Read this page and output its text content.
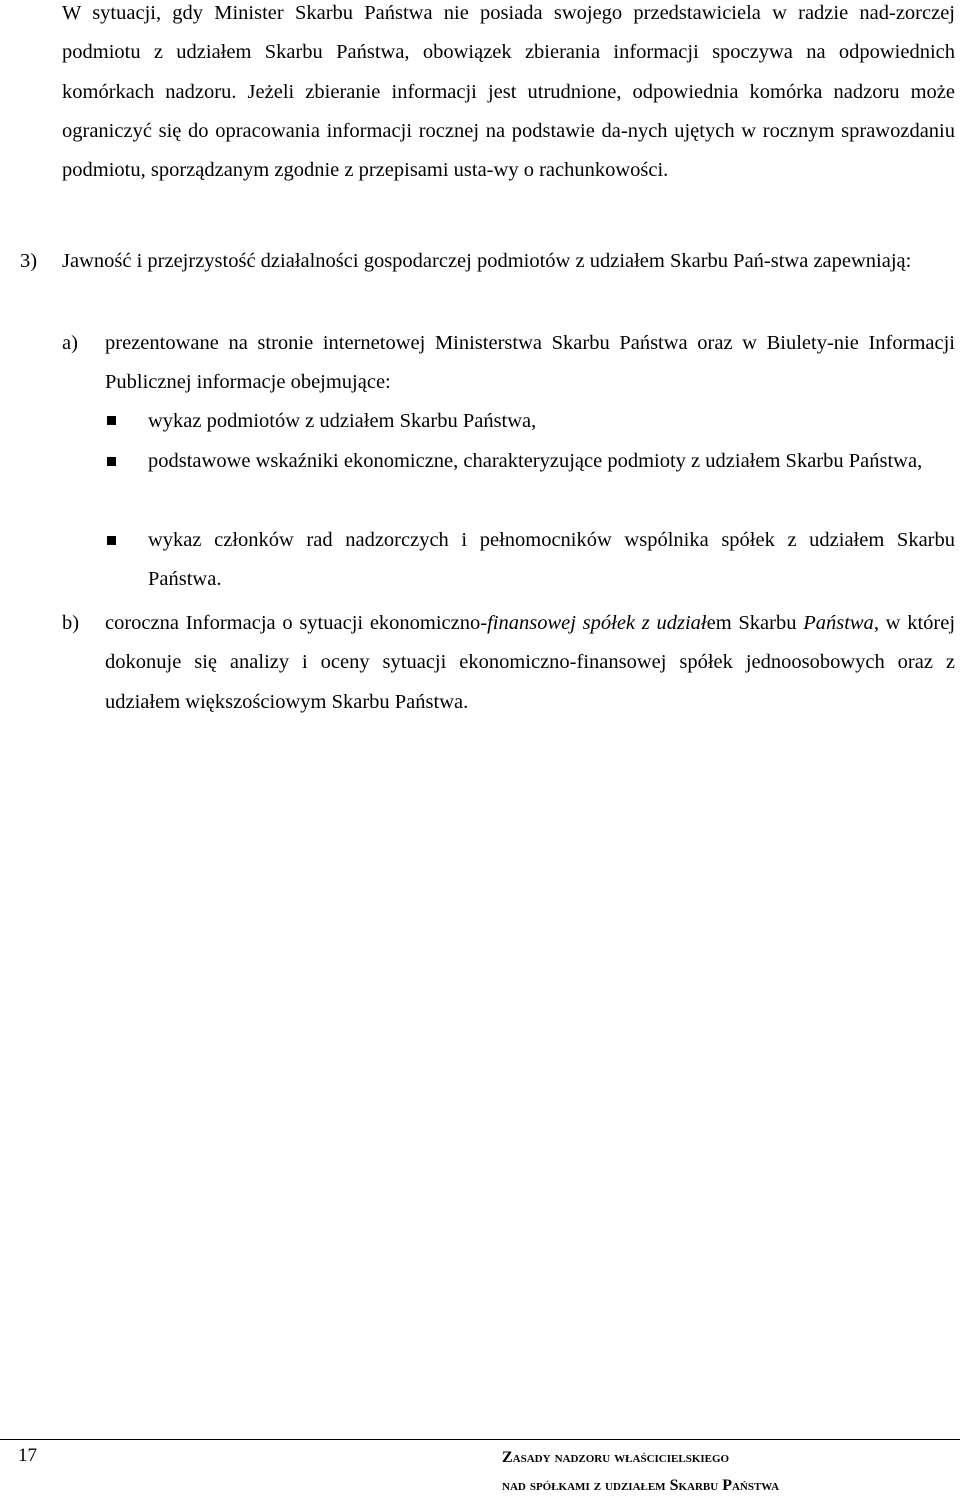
W sytuacji, gdy Minister Skarbu Państwa nie posiada swojego przedstawiciela w radzie nad-zorczej podmiotu z udziałem Skarbu Państwa, obowiązek zbierania informacji spoczywa na odpowiednich komórkach nadzoru. Jeżeli zbieranie informacji jest utrudnione, odpowiednia komórka nadzoru może ograniczyć się do opracowania informacji rocznej na podstawie da-nych ujętych w rocznym sprawozdaniu podmiotu, sporządzanym zgodnie z przepisami usta-wy o rachunkowości.

3) Jawność i przejrzystość działalności gospodarczej podmiotów z udziałem Skarbu Pań-stwa zapewniają:

a) prezentowane na stronie internetowej Ministerstwa Skarbu Państwa oraz w Biulety-nie Informacji Publicznej informacje obejmujące:

wykaz podmiotów z udziałem Skarbu Państwa,

podstawowe wskaźniki ekonomiczne, charakteryzujące podmioty z udziałem Skarbu Państwa,

wykaz członków rad nadzorczych i pełnomocników wspólnika spółek z udziałem Skarbu Państwa.

b) coroczna Informacja o sytuacji ekonomiczno-finansowej spółek z udziałem Skarbu Państwa, w której dokonuje się analizy i oceny sytuacji ekonomiczno-finansowej spółek jednoosobowych oraz z udziałem większościowym Skarbu Państwa.

17	Zasady nadzoru właścicielskiego
nad spółkami z udziałem Skarbu Państwa
